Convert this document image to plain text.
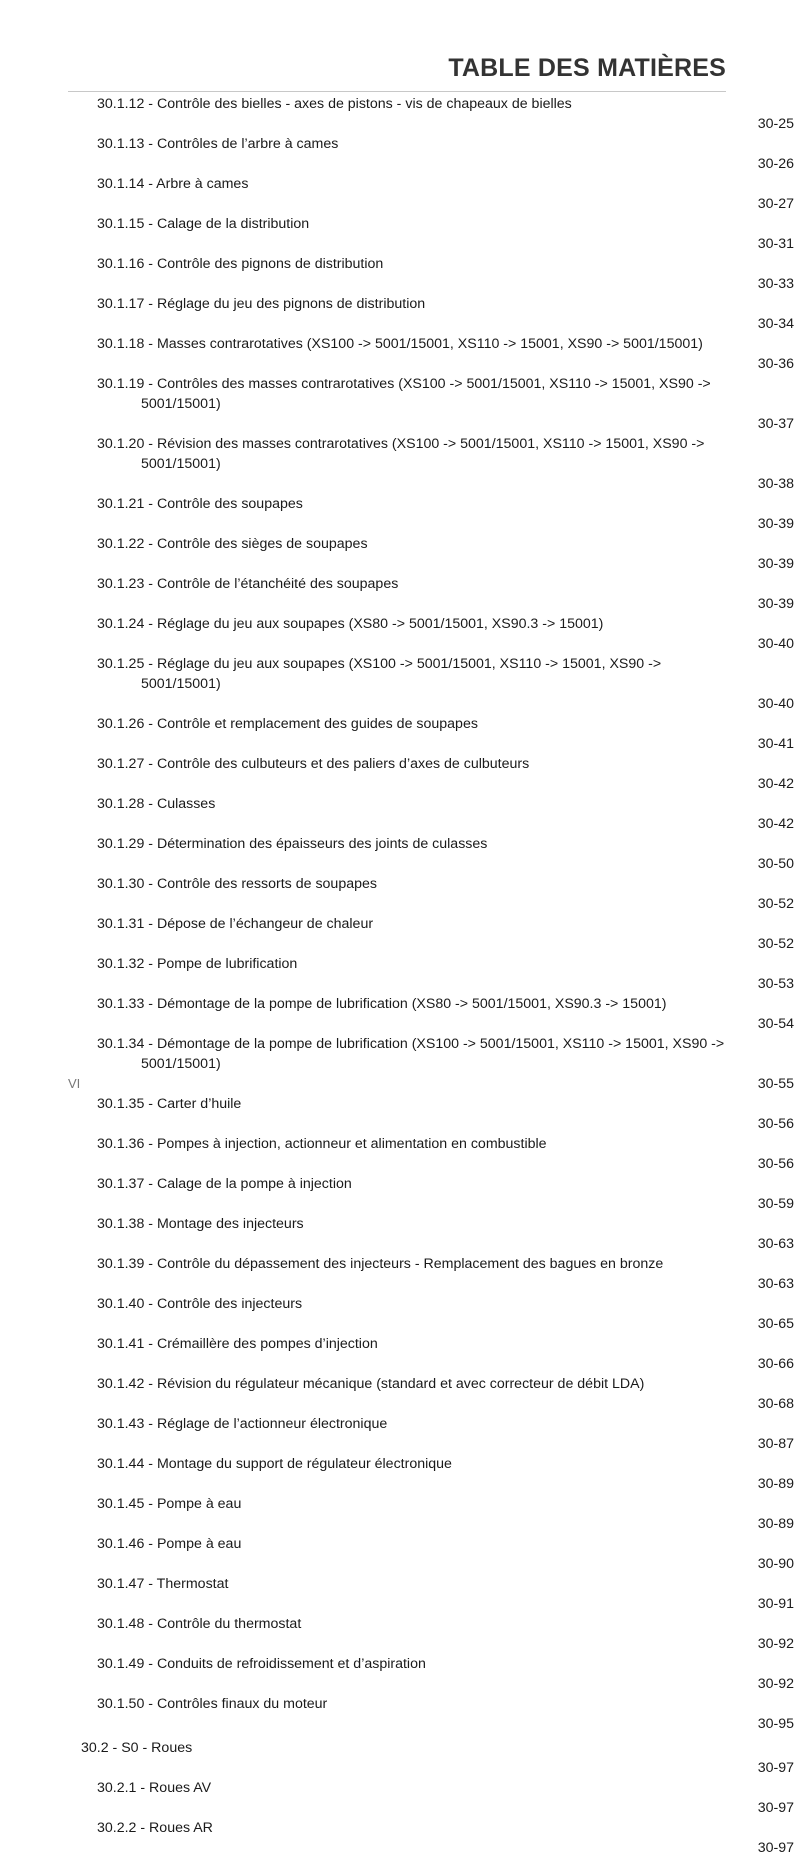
TABLE DES MATIÈRES
30.1.12 - Contrôle des bielles - axes de pistons - vis de chapeaux de bielles
30-25
30.1.13 - Contrôles de l’arbre à cames
30-26
30.1.14 - Arbre à cames
30-27
30.1.15 - Calage de la distribution
30-31
30.1.16 - Contrôle des pignons de distribution
30-33
30.1.17 - Réglage du jeu des pignons de distribution
30-34
30.1.18 - Masses contrarotatives (XS100 -> 5001/15001, XS110 -> 15001, XS90 -> 5001/15001)
30-36
30.1.19 - Contrôles des masses contrarotatives (XS100 -> 5001/15001, XS110 -> 15001, XS90 -> 5001/15001)
30-37
30.1.20 - Révision des masses contrarotatives (XS100 -> 5001/15001, XS110 -> 15001, XS90 -> 5001/15001)
30-38
30.1.21 - Contrôle des soupapes
30-39
30.1.22 - Contrôle des sièges de soupapes
30-39
30.1.23 - Contrôle de l’étanchéité des soupapes
30-39
30.1.24 - Réglage du jeu aux soupapes (XS80 -> 5001/15001, XS90.3 -> 15001)
30-40
30.1.25 - Réglage du jeu aux soupapes (XS100 -> 5001/15001, XS110 -> 15001, XS90 -> 5001/15001)
30-40
30.1.26 - Contrôle et remplacement des guides de soupapes
30-41
30.1.27 - Contrôle des culbuteurs et des paliers d’axes de culbuteurs
30-42
30.1.28 - Culasses
30-42
30.1.29 - Détermination des épaisseurs des joints de culasses
30-50
30.1.30 - Contrôle des ressorts de soupapes
30-52
30.1.31 - Dépose de l’échangeur de chaleur
30-52
30.1.32 - Pompe de lubrification
30-53
30.1.33 - Démontage de la pompe de lubrification (XS80 -> 5001/15001, XS90.3 -> 15001)
30-54
30.1.34 - Démontage de la pompe de lubrification (XS100 -> 5001/15001, XS110 -> 15001, XS90 -> 5001/15001)
30-55
30.1.35 - Carter d’huile
30-56
30.1.36 - Pompes à injection, actionneur et alimentation en combustible
30-56
30.1.37 - Calage de la pompe à injection
30-59
30.1.38 - Montage des injecteurs
30-63
30.1.39 - Contrôle du dépassement des injecteurs - Remplacement des bagues en bronze
30-63
30.1.40 - Contrôle des injecteurs
30-65
30.1.41 - Crémaillère des pompes d’injection
30-66
30.1.42 - Révision du régulateur mécanique (standard et avec correcteur de débit LDA)
30-68
30.1.43 - Réglage de l’actionneur électronique
30-87
30.1.44 - Montage du support de régulateur électronique
30-89
30.1.45 - Pompe à eau
30-89
30.1.46 - Pompe à eau
30-90
30.1.47 - Thermostat
30-91
30.1.48 - Contrôle du thermostat
30-92
30.1.49 - Conduits de refroidissement et d’aspiration
30-92
30.1.50 - Contrôles finaux du moteur
30-95
30.2 - S0 - Roues
30-97
30.2.1 - Roues AV
30-97
30.2.2 - Roues AR
30-97
VI
